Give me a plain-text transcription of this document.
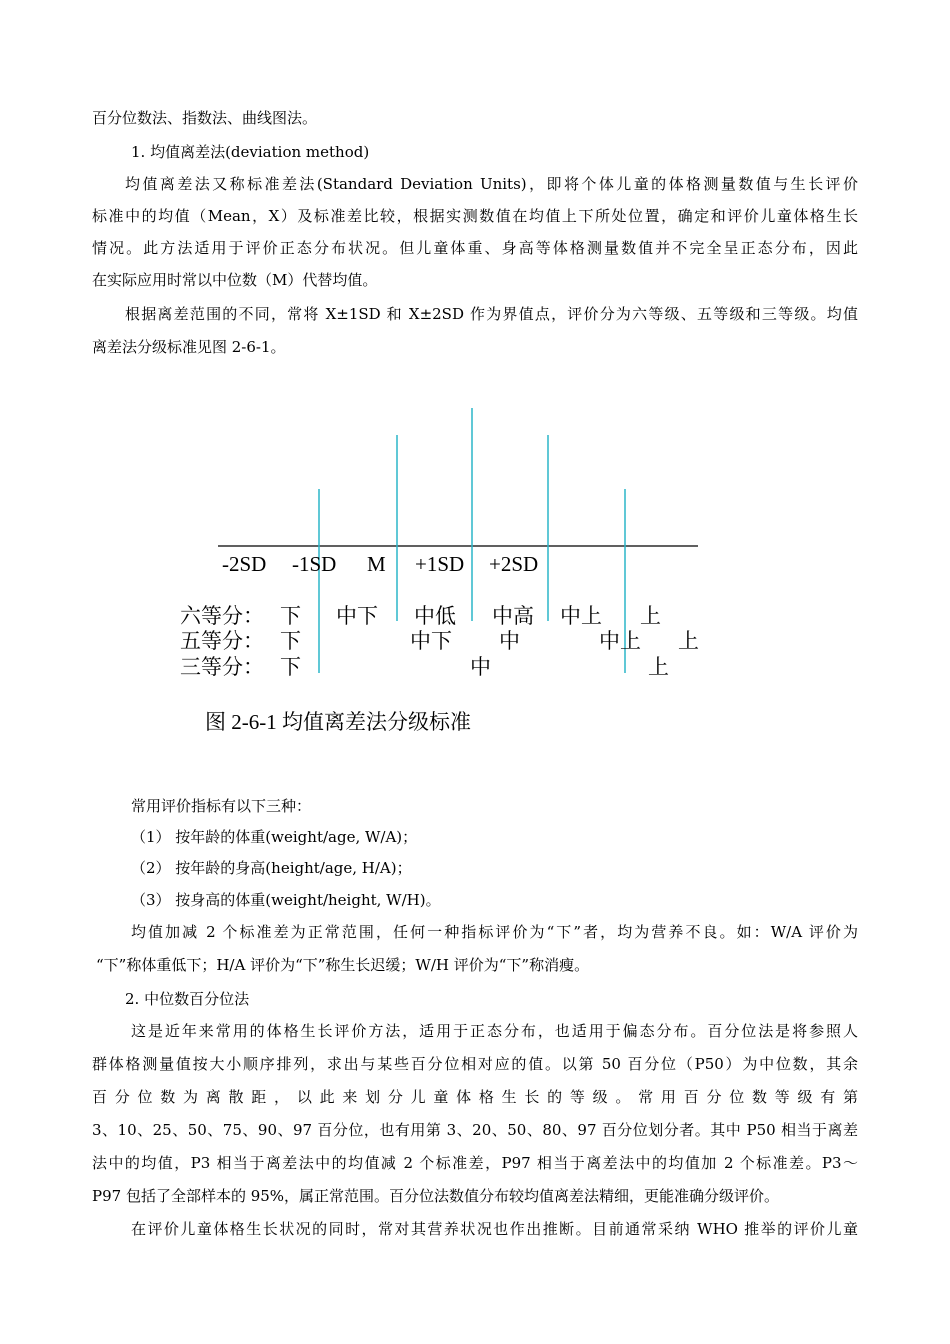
百分位数法、指数法、曲线图法。
1. 均值离差法(deviation method)
均值离差法又称标准差法(Standard Deviation Units)，即将个体儿童的体格测量数值与生长评价
标准中的均值（Mean，X）及标准差比较，根据实测数值在均值上下所处位置，确定和评价儿童体格生长
情况。此方法适用于评价正态分布状况。但儿童体重、身高等体格测量数值并不完全呈正态分布，因此
在实际应用时常以中位数（M）代替均值。
根据离差范围的不同，常将 X±1SD 和 X±2SD 作为界值点，评价分为六等级、五等级和三等级。均值
离差法分级标准见图 2-6-1。
-2SD -1SD M +1SD +2SD
六等分： 下 中下 中低 中高 中上 上
五等分： 下	中下 中	中上 上
三等分： 下	中	上
图 2-6-1 均值离差法分级标准
常用评价指标有以下三种：
（1） 按年龄的体重(weight/age, W/A)；
（2） 按年龄的身高(height/age, H/A)；
（3） 按身高的体重(weight/height, W/H)。
均值加减 2 个标准差为正常范围，任何一种指标评价为“下”者，均为营养不良。如：W/A 评价为
“下”称体重低下；H/A 评价为“下”称生长迟缓；W/H 评价为“下”称消瘦。
2. 中位数百分位法
这是近年来常用的体格生长评价方法，适用于正态分布，也适用于偏态分布。百分位法是将参照人
群体格测量值按大小顺序排列，求出与某些百分位相对应的值。以第 50 百分位（P50）为中位数，其余
百 分 位 数 为 离 散 距 ， 以 此 来 划 分 儿 童 体 格 生 长 的 等 级 。 常 用 百 分 位 数 等 级 有 第
3、10、25、50、75、90、97 百分位，也有用第 3、20、50、80、97 百分位划分者。其中 P50 相当于离差
法中的均值，P3 相当于离差法中的均值减 2 个标准差，P97 相当于离差法中的均值加 2 个标准差。P3～
P97 包括了全部样本的 95%，属正常范围。百分位法数值分布较均值离差法精细，更能准确分级评价。
在评价儿童体格生长状况的同时，常对其营养状况也作出推断。目前通常采纳 WHO 推举的评价儿童
